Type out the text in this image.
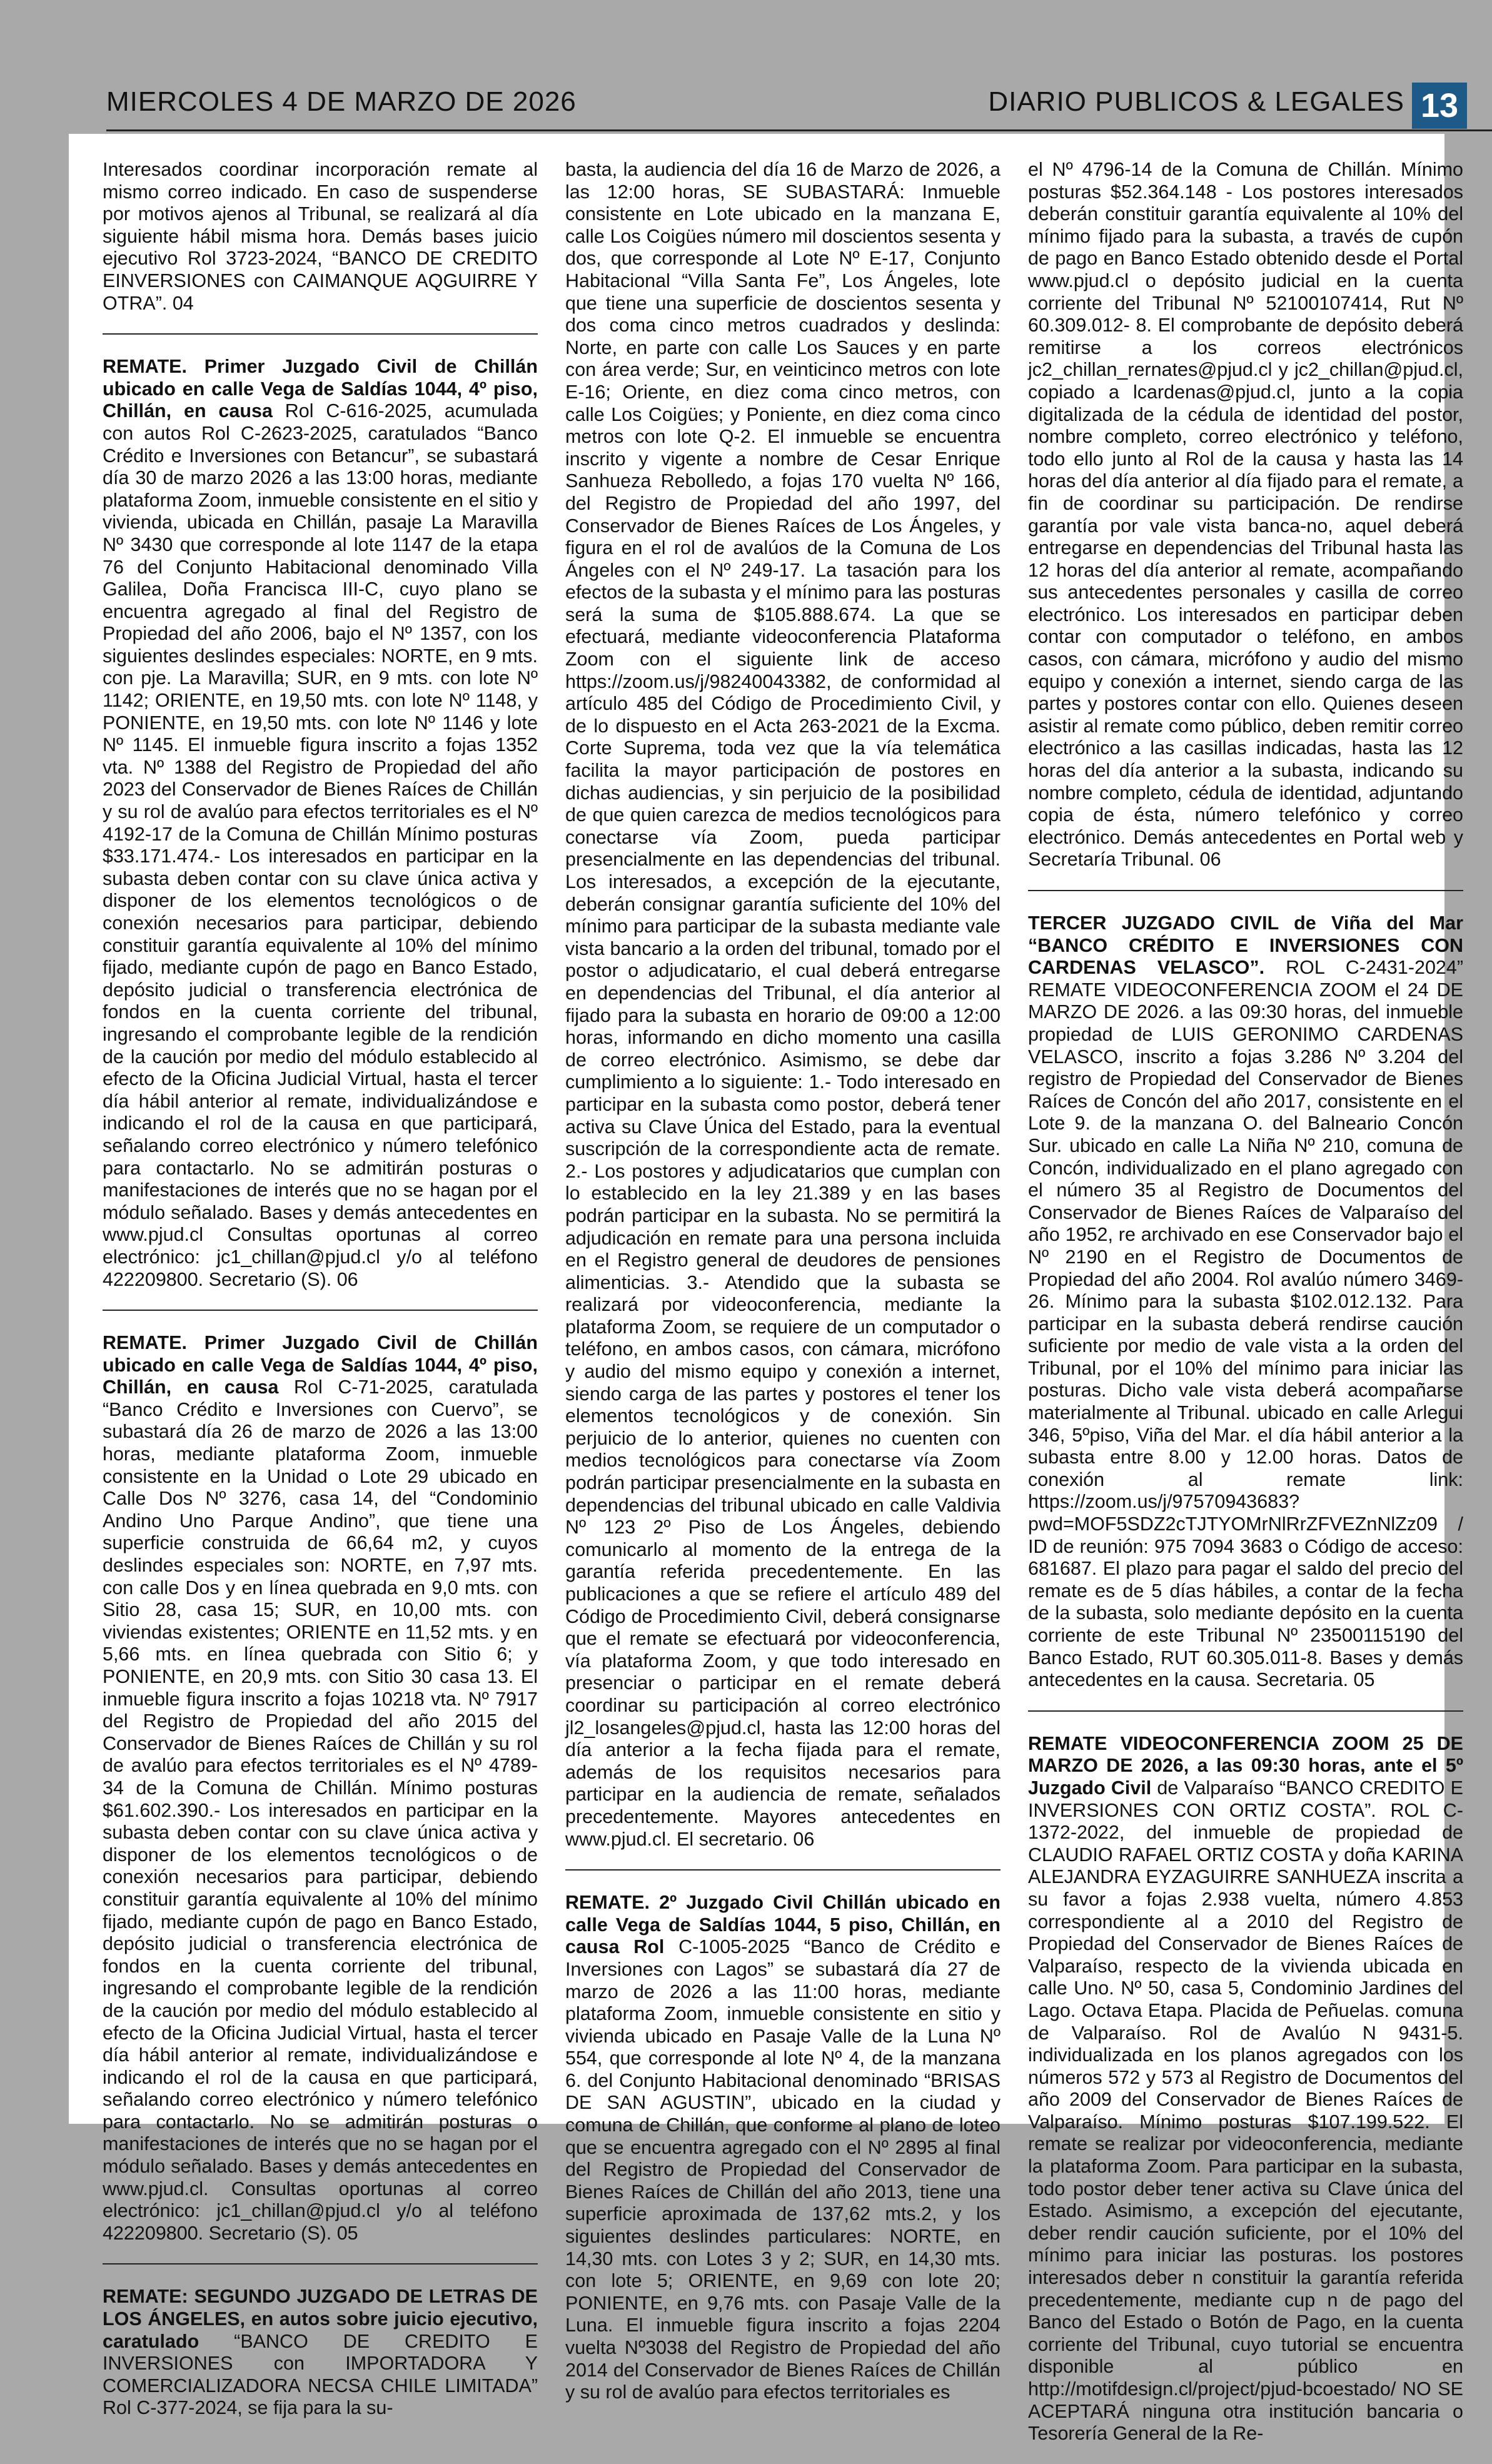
MIERCOLES 4 DE MARZO DE 2026	DIARIO PUBLICOS & LEGALES 13

Interesados coordinar incorporación remate al mismo correo indicado. En caso de suspenderse por motivos ajenos al Tribunal, se realizará al día siguiente hábil misma hora. Demás bases juicio ejecutivo Rol 3723-2024, “BANCO DE CREDITO EINVERSIONES con CAIMANQUE AQGUIRRE Y OTRA”. 04

REMATE. Primer Juzgado Civil de Chillán ubicado en calle Vega de Saldías 1044, 4º piso, Chillán, en causa Rol C-616-2025, acumulada con autos Rol C-2623-2025, caratulados “Banco Crédito e Inversiones con Betancur”, se subastará día 30 de marzo 2026 a las 13:00 horas, mediante plataforma Zoom, inmueble consistente en el sitio y vivienda, ubicada en Chillán, pasaje La Maravilla Nº 3430 que corresponde al lote 1147 de la etapa 76 del Conjunto Habitacional denominado Villa Galilea, Doña Francisca III-C, cuyo plano se encuentra agregado al final del Registro de Propiedad del año 2006, bajo el Nº 1357, con los siguientes deslindes especiales: NORTE, en 9 mts. con pje. La Maravilla; SUR, en 9 mts. con lote Nº 1142; ORIENTE, en 19,50 mts. con lote Nº 1148, y PONIENTE, en 19,50 mts. con lote Nº 1146 y lote Nº 1145. El inmueble figura inscrito a fojas 1352 vta. Nº 1388 del Registro de Propiedad del año 2023 del Conservador de Bienes Raíces de Chillán y su rol de avalúo para efectos territoriales es el Nº 4192-17 de la Comuna de Chillán Mínimo posturas $33.171.474.- Los interesados en participar en la subasta deben contar con su clave única activa y disponer de los elementos tecnológicos o de conexión necesarios para participar, debiendo constituir garantía equivalente al 10% del mínimo fijado, mediante cupón de pago en Banco Estado, depósito judicial o transferencia electrónica de fondos en la cuenta corriente del tribunal, ingresando el comprobante legible de la rendición de la caución por medio del módulo establecido al efecto de la Oficina Judicial Virtual, hasta el tercer día hábil anterior al remate, individualizándose e indicando el rol de la causa en que participará, señalando correo electrónico y número telefónico para contactarlo. No se admitirán posturas o manifestaciones de interés que no se hagan por el módulo señalado. Bases y demás antecedentes en www.pjud.cl Consultas oportunas al correo electrónico: jc1_chillan@pjud.cl y/o al teléfono 422209800. Secretario (S). 06

REMATE. Primer Juzgado Civil de Chillán ubicado en calle Vega de Saldías 1044, 4º piso, Chillán, en causa Rol C-71-2025, caratulada “Banco Crédito e Inversiones con Cuervo”, se subastará día 26 de marzo de 2026 a las 13:00 horas, mediante plataforma Zoom, inmueble consistente en la Unidad o Lote 29 ubicado en Calle Dos Nº 3276, casa 14, del “Condominio Andino Uno Parque Andino”, que tiene una superficie construida de 66,64 m2, y cuyos deslindes especiales son: NORTE, en 7,97 mts. con calle Dos y en línea quebrada en 9,0 mts. con Sitio 28, casa 15; SUR, en 10,00 mts. con viviendas existentes; ORIENTE en 11,52 mts. y en 5,66 mts. en línea quebrada con Sitio 6; y PONIENTE, en 20,9 mts. con Sitio 30 casa 13. El inmueble figura inscrito a fojas 10218 vta. Nº 7917 del Registro de Propiedad del año 2015 del Conservador de Bienes Raíces de Chillán y su rol de avalúo para efectos territoriales es el Nº 4789-34 de la Comuna de Chillán. Mínimo posturas $61.602.390.- Los interesados en participar en la subasta deben contar con su clave única activa y disponer de los elementos tecnológicos o de conexión necesarios para participar, debiendo constituir garantía equivalente al 10% del mínimo fijado, mediante cupón de pago en Banco Estado, depósito judicial o transferencia electrónica de fondos en la cuenta corriente del tribunal, ingresando el comprobante legible de la rendición de la caución por medio del módulo establecido al efecto de la Oficina Judicial Virtual, hasta el tercer día hábil anterior al remate, individualizándose e indicando el rol de la causa en que participará, señalando correo electrónico y número telefónico para contactarlo. No se admitirán posturas o manifestaciones de interés que no se hagan por el módulo señalado. Bases y demás antecedentes en www.pjud.cl. Consultas oportunas al correo electrónico: jc1_chillan@pjud.cl y/o al teléfono 422209800. Secretario (S). 05

REMATE: SEGUNDO JUZGADO DE LETRAS DE LOS ÁNGELES, en autos sobre juicio ejecutivo, caratulado “BANCO DE CREDITO E INVERSIONES con IMPORTADORA Y COMERCIALIZADORA NECSA CHILE LIMITADA” Rol C-377-2024, se fija para la su-

basta, la audiencia del día 16 de Marzo de 2026, a las 12:00 horas, SE SUBASTARÁ: Inmueble consistente en Lote ubicado en la manzana E, calle Los Coigües número mil doscientos sesenta y dos, que corresponde al Lote Nº E-17, Conjunto Habitacional “Villa Santa Fe”, Los Ángeles, lote que tiene una superficie de doscientos sesenta y dos coma cinco metros cuadrados y deslinda: Norte, en parte con calle Los Sauces y en parte con área verde; Sur, en veinticinco metros con lote E-16; Oriente, en diez coma cinco metros, con calle Los Coigües; y Poniente, en diez coma cinco metros con lote Q-2. El inmueble se encuentra inscrito y vigente a nombre de Cesar Enrique Sanhueza Rebolledo, a fojas 170 vuelta Nº 166, del Registro de Propiedad del año 1997, del Conservador de Bienes Raíces de Los Ángeles, y figura en el rol de avalúos de la Comuna de Los Ángeles con el Nº 249-17. La tasación para los efectos de la subasta y el mínimo para las posturas será la suma de $105.888.674. La que se efectuará, mediante videoconferencia Plataforma Zoom con el siguiente link de acceso https://zoom.us/j/98240043382, de conformidad al artículo 485 del Código de Procedimiento Civil, y de lo dispuesto en el Acta 263-2021 de la Excma. Corte Suprema, toda vez que la vía telemática facilita la mayor participación de postores en dichas audiencias, y sin perjuicio de la posibilidad de que quien carezca de medios tecnológicos para conectarse vía Zoom, pueda participar presencialmente en las dependencias del tribunal. Los interesados, a excepción de la ejecutante, deberán consignar garantía suficiente del 10% del mínimo para participar de la subasta mediante vale vista bancario a la orden del tribunal, tomado por el postor o adjudicatario, el cual deberá entregarse en dependencias del Tribunal, el día anterior al fijado para la subasta en horario de 09:00 a 12:00 horas, informando en dicho momento una casilla de correo electrónico. Asimismo, se debe dar cumplimiento a lo siguiente: 1.- Todo interesado en participar en la subasta como postor, deberá tener activa su Clave Única del Estado, para la eventual suscripción de la correspondiente acta de remate. 2.- Los postores y adjudicatarios que cumplan con lo establecido en la ley 21.389 y en las bases podrán participar en la subasta. No se permitirá la adjudicación en remate para una persona incluida en el Registro general de deudores de pensiones alimenticias. 3.- Atendido que la subasta se realizará por videoconferencia, mediante la plataforma Zoom, se requiere de un computador o teléfono, en ambos casos, con cámara, micrófono y audio del mismo equipo y conexión a internet, siendo carga de las partes y postores el tener los elementos tecnológicos y de conexión. Sin perjuicio de lo anterior, quienes no cuenten con medios tecnológicos para conectarse vía Zoom podrán participar presencialmente en la subasta en dependencias del tribunal ubicado en calle Valdivia Nº 123 2º Piso de Los Ángeles, debiendo comunicarlo al momento de la entrega de la garantía referida precedentemente. En las publicaciones a que se refiere el artículo 489 del Código de Procedimiento Civil, deberá consignarse que el remate se efectuará por videoconferencia, vía plataforma Zoom, y que todo interesado en presenciar o participar en el remate deberá coordinar su participación al correo electrónico jl2_losangeles@pjud.cl, hasta las 12:00 horas del día anterior a la fecha fijada para el remate, además de los requisitos necesarios para participar en la audiencia de remate, señalados precedentemente. Mayores antecedentes en www.pjud.cl. El secretario. 06

REMATE. 2º Juzgado Civil Chillán ubicado en calle Vega de Saldías 1044, 5 piso, Chillán, en causa Rol C-1005-2025 “Banco de Crédito e Inversiones con Lagos” se subastará día 27 de marzo de 2026 a las 11:00 horas, mediante plataforma Zoom, inmueble consistente en sitio y vivienda ubicado en Pasaje Valle de la Luna Nº 554, que corresponde al lote Nº 4, de la manzana 6. del Conjunto Habitacional denominado “BRISAS DE SAN AGUSTIN”, ubicado en la ciudad y comuna de Chillán, que conforme al plano de loteo que se encuentra agregado con el Nº 2895 al final del Registro de Propiedad del Conservador de Bienes Raíces de Chillán del año 2013, tiene una superficie aproximada de 137,62 mts.2, y los siguientes deslindes particulares: NORTE, en 14,30 mts. con Lotes 3 y 2; SUR, en 14,30 mts. con lote 5; ORIENTE, en 9,69 con lote 20; PONIENTE, en 9,76 mts. con Pasaje Valle de la Luna. El inmueble figura inscrito a fojas 2204 vuelta Nº3038 del Registro de Propiedad del año 2014 del Conservador de Bienes Raíces de Chillán y su rol de avalúo para efectos territoriales es

el Nº 4796-14 de la Comuna de Chillán. Mínimo posturas $52.364.148 - Los postores interesados deberán constituir garantía equivalente al 10% del mínimo fijado para la subasta, a través de cupón de pago en Banco Estado obtenido desde el Portal www.pjud.cl o depósito judicial en la cuenta corriente del Tribunal Nº 52100107414, Rut Nº 60.309.012- 8. El comprobante de depósito deberá remitirse a los correos electrónicos jc2_chillan_rernates@pjud.cl y jc2_chillan@pjud.cl, copiado a lcardenas@pjud.cl, junto a la copia digitalizada de la cédula de identidad del postor, nombre completo, correo electrónico y teléfono, todo ello junto al Rol de la causa y hasta las 14 horas del día anterior al día fijado para el remate, a fin de coordinar su participación. De rendirse garantía por vale vista banca-no, aquel deberá entregarse en dependencias del Tribunal hasta las 12 horas del día anterior al remate, acompañando sus antecedentes personales y casilla de correo electrónico. Los interesados en participar deben contar con computador o teléfono, en ambos casos, con cámara, micrófono y audio del mismo equipo y conexión a internet, siendo carga de las partes y postores contar con ello. Quienes deseen asistir al remate como público, deben remitir correo electrónico a las casillas indicadas, hasta las 12 horas del día anterior a la subasta, indicando su nombre completo, cédula de identidad, adjuntando copia de ésta, número telefónico y correo electrónico. Demás antecedentes en Portal web y Secretaría Tribunal. 06

TERCER JUZGADO CIVIL de Viña del Mar “BANCO CRÉDITO E INVERSIONES CON CARDENAS VELASCO”. ROL C-2431-2024” REMATE VIDEOCONFERENCIA ZOOM el 24 DE MARZO DE 2026. a las 09:30 horas, del inmueble propiedad de LUIS GERONIMO CARDENAS VELASCO, inscrito a fojas 3.286 Nº 3.204 del registro de Propiedad del Conservador de Bienes Raíces de Concón del año 2017, consistente en el Lote 9. de la manzana O. del Balneario Concón Sur. ubicado en calle La Niña Nº 210, comuna de Concón, individualizado en el plano agregado con el número 35 al Registro de Documentos del Conservador de Bienes Raíces de Valparaíso del año 1952, re archivado en ese Conservador bajo el Nº 2190 en el Registro de Documentos de Propiedad del año 2004. Rol avalúo número 3469-26. Mínimo para la subasta $102.012.132. Para participar en la subasta deberá rendirse caución suficiente por medio de vale vista a la orden del Tribunal, por el 10% del mínimo para iniciar las posturas. Dicho vale vista deberá acompañarse materialmente al Tribunal. ubicado en calle Arlegui 346, 5ºpiso, Viña del Mar. el día hábil anterior a la subasta entre 8.00 y 12.00 horas. Datos de conexión al remate link: https://zoom.us/j/97570943683?pwd=MOF5SDZ2cTJTYOMrNlRrZFVEZnNlZz09 / ID de reunión: 975 7094 3683 o Código de acceso: 681687. El plazo para pagar el saldo del precio del remate es de 5 días hábiles, a contar de la fecha de la subasta, solo mediante depósito en la cuenta corriente de este Tribunal Nº 23500115190 del Banco Estado, RUT 60.305.011-8. Bases y demás antecedentes en la causa. Secretaria. 05

REMATE VIDEOCONFERENCIA ZOOM 25 DE MARZO DE 2026, a las 09:30 horas, ante el 5º Juzgado Civil de Valparaíso “BANCO CREDITO E INVERSIONES CON ORTIZ COSTA”. ROL C-1372-2022, del inmueble de propiedad de CLAUDIO RAFAEL ORTIZ COSTA y doña KARINA ALEJANDRA EYZAGUIRRE SANHUEZA inscrita a su favor a fojas 2.938 vuelta, número 4.853 correspondiente al a 2010 del Registro de Propiedad del Conservador de Bienes Raíces de Valparaíso, respecto de la vivienda ubicada en calle Uno. Nº 50, casa 5, Condominio Jardines del Lago. Octava Etapa. Placida de Peñuelas. comuna de Valparaíso. Rol de Avalúo N 9431-5. individualizada en los planos agregados con los números 572 y 573 al Registro de Documentos del año 2009 del Conservador de Bienes Raíces de Valparaíso. Mínimo posturas $107.199.522. El remate se realizar por videoconferencia, mediante la plataforma Zoom. Para participar en la subasta, todo postor deber tener activa su Clave única del Estado. Asimismo, a excepción del ejecutante, deber rendir caución suficiente, por el 10% del mínimo para iniciar las posturas. los postores interesados deber n constituir la garantía referida precedentemente, mediante cup n de pago del Banco del Estado o Botón de Pago, en la cuenta corriente del Tribunal, cuyo tutorial se encuentra disponible al público en http://motifdesign.cl/project/pjud-bcoestado/ NO SE ACEPTARÁ ninguna otra institución bancaria o Tesorería General de la Re-
